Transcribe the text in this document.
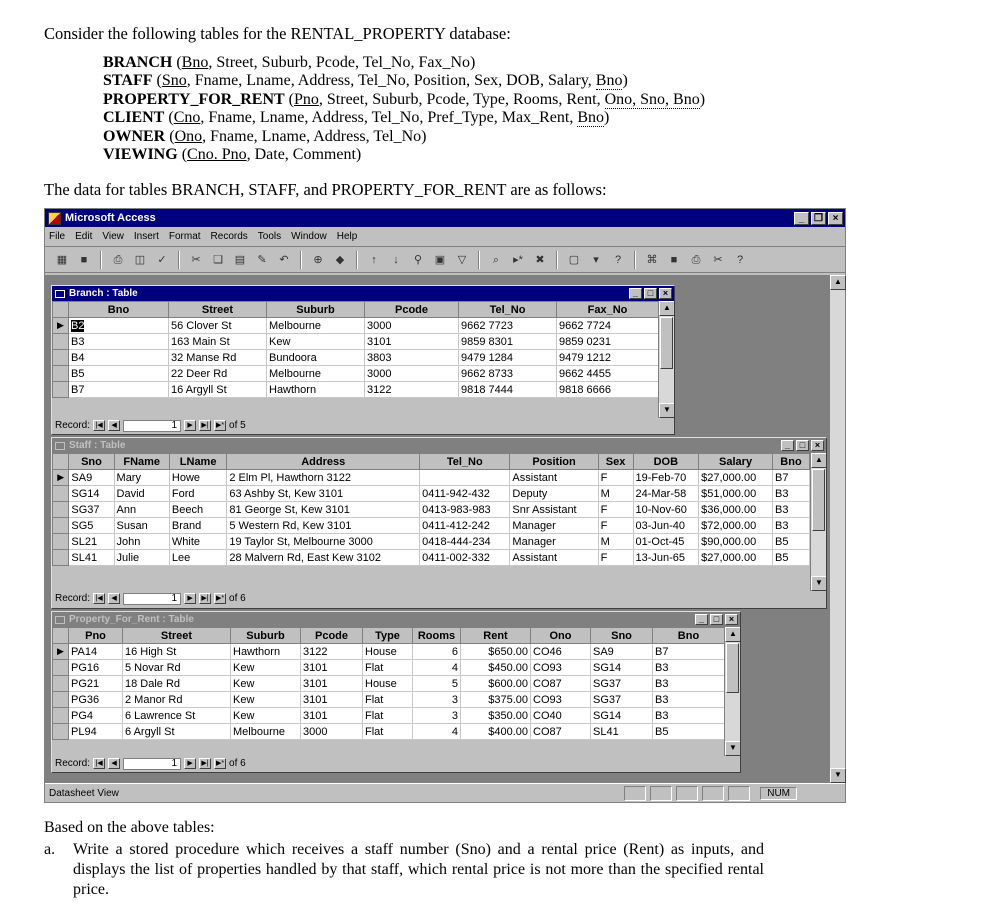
Consider the following tables for the RENTAL_PROPERTY database:
BRANCH (Bno, Street, Suburb, Pcode, Tel_No, Fax_No)
STAFF (Sno, Fname, Lname, Address, Tel_No, Position, Sex, DOB, Salary, Bno)
PROPERTY_FOR_RENT (Pno, Street, Suburb, Pcode, Type, Rooms, Rent, Ono, Sno, Bno)
CLIENT (Cno, Fname, Lname, Address, Tel_No, Pref_Type, Max_Rent, Bno)
OWNER (Ono, Fname, Lname, Address, Tel_No)
VIEWING (Cno. Pno, Date, Comment)
The data for tables BRANCH, STAFF, and PROPERTY_FOR_RENT are as follows:
Microsoft Access	_ ❐ ×
File Edit View Insert Format Records Tools Window Help
▦	■	⎙	◫	✓	✂	❏	▤	✎	↶	⊕	◆	↑	↓	⚲	▣	▽	⌕	▸*	✖	▢	▾	?	⌘	■	⎙	✂	?
Branch : Table	_	□	×
	Bno	Street	Suburb	Pcode	Tel_No	Fax_No
▶	B2	56 Clover St	Melbourne	3000	9662 7723	9662 7724
	B3	163 Main St	Kew	3101	9859 8301	9859 0231
	B4	32 Manse Rd	Bundoora	3803	9479 1284	9479 1212
	B5	22 Deer Rd	Melbourne	3000	9662 8733	9662 4455
	B7	16 Argyll St	Hawthorn	3122	9818 7444	9818 6666
▲
▼
Record: |◀	◀	1	▶	▶|	▶* of 5
Staff : Table	_	□	×
	Sno	FName	LName	Address	Tel_No	Position	Sex	DOB	Salary	Bno
▶	SA9	Mary	Howe	2 Elm Pl, Hawthorn 3122		Assistant	F	19-Feb-70	$27,000.00	B7
	SG14	David	Ford	63 Ashby St, Kew 3101	0411-942-432	Deputy	M	24-Mar-58	$51,000.00	B3
	SG37	Ann	Beech	81 George St, Kew 3101	0413-983-983	Snr Assistant	F	10-Nov-60	$36,000.00	B3
	SG5	Susan	Brand	5 Western Rd, Kew 3101	0411-412-242	Manager	F	03-Jun-40	$72,000.00	B3
	SL21	John	White	19 Taylor St, Melbourne 3000	0418-444-234	Manager	M	01-Oct-45	$90,000.00	B5
	SL41	Julie	Lee	28 Malvern Rd, East Kew 3102	0411-002-332	Assistant	F	13-Jun-65	$27,000.00	B5
▲
▼
Record: |◀	◀	1	▶	▶|	▶* of 6
Property_For_Rent : Table	_	□	×
	Pno	Street	Suburb	Pcode	Type	Rooms	Rent	Ono	Sno	Bno
▶	PA14	16 High St	Hawthorn	3122	House	6	$650.00	CO46	SA9	B7
	PG16	5 Novar Rd	Kew	3101	Flat	4	$450.00	CO93	SG14	B3
	PG21	18 Dale Rd	Kew	3101	House	5	$600.00	CO87	SG37	B3
	PG36	2 Manor Rd	Kew	3101	Flat	3	$375.00	CO93	SG37	B3
	PG4	6 Lawrence St	Kew	3101	Flat	3	$350.00	CO40	SG14	B3
	PL94	6 Argyll St	Melbourne	3000	Flat	4	$400.00	CO87	SL41	B5
▲
▼
Record: |◀	◀	1	▶	▶|	▶* of 6
▲
▼
Datasheet View	NUM
Based on the above tables:
a.	Write a stored procedure which receives a staff number (Sno) and a rental price (Rent) as inputs, and displays the list of properties handled by that staff, which rental price is not more than the specified rental price.
